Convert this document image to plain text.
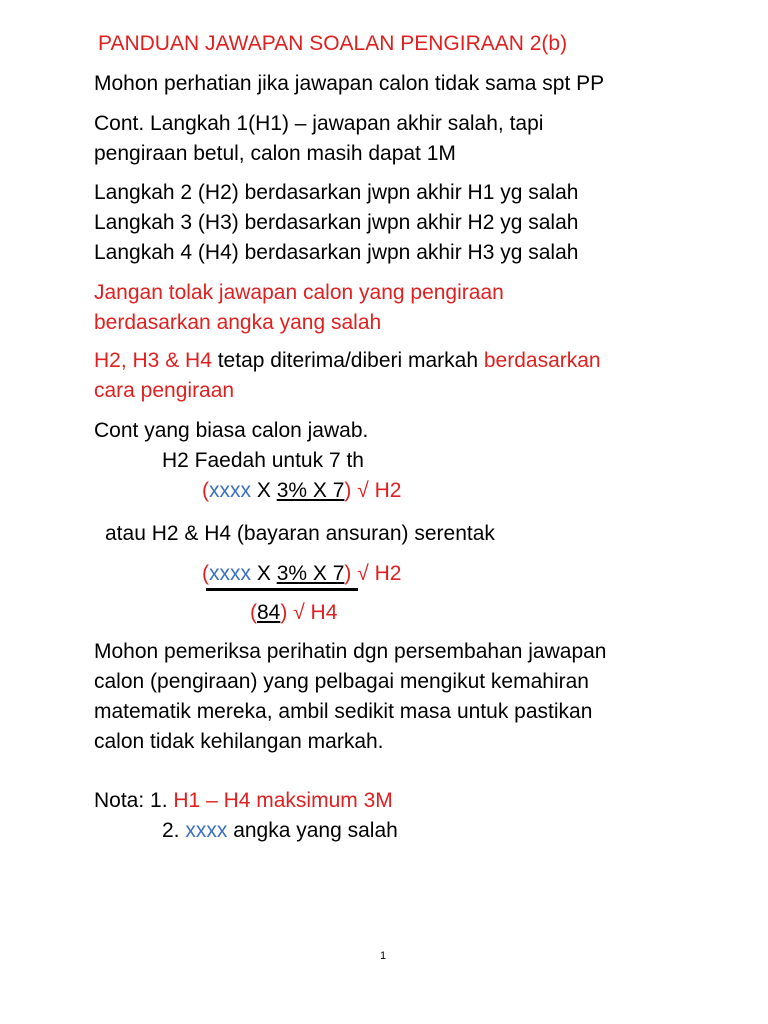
PANDUAN JAWAPAN SOALAN PENGIRAAN 2(b)
Mohon perhatian jika jawapan calon tidak sama spt PP
Cont. Langkah 1(H1) – jawapan akhir salah, tapi
pengiraan betul, calon masih dapat 1M
Langkah 2 (H2) berdasarkan jwpn akhir H1 yg salah
Langkah 3 (H3) berdasarkan jwpn akhir H2 yg salah
Langkah 4 (H4) berdasarkan jwpn akhir H3 yg salah
Jangan tolak jawapan calon yang pengiraan
berdasarkan angka yang salah
H2, H3 & H4 tetap diterima/diberi markah berdasarkan
cara pengiraan
Cont yang biasa calon jawab.
H2 Faedah untuk 7 th
(xxxx X 3% X 7) √ H2
atau H2 & H4 (bayaran ansuran) serentak
(xxxx X 3% X 7) √ H2
(84) √ H4
Mohon pemeriksa perihatin dgn persembahan jawapan
calon (pengiraan) yang pelbagai mengikut kemahiran
matematik mereka, ambil sedikit masa untuk pastikan
calon tidak kehilangan markah.
Nota: 1. H1 – H4 maksimum 3M
2. xxxx angka yang salah
1
